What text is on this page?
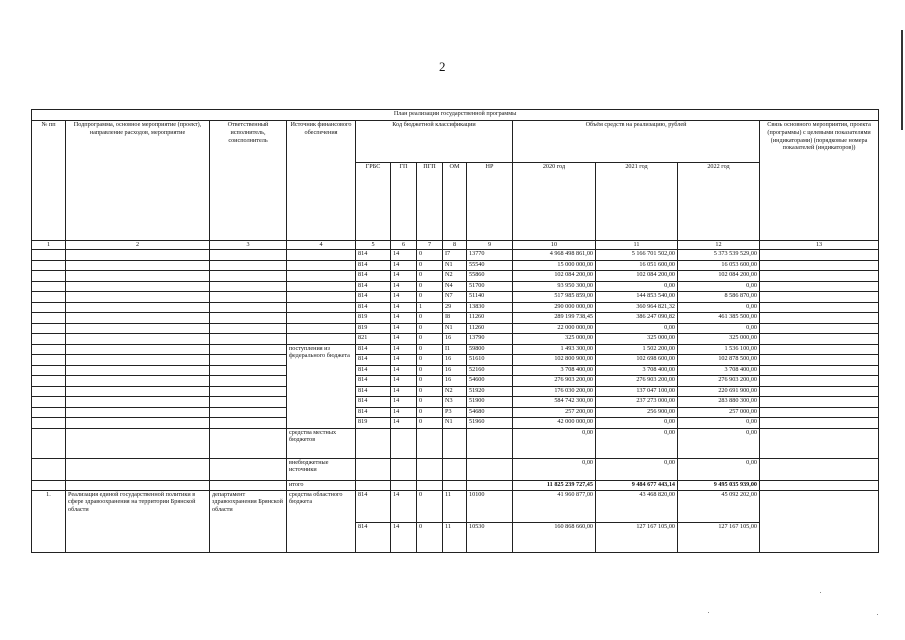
2
План реализации государственной программы												
№ пп	Подпрограмма, основное мероприятие (проект), направление расходов, мероприятие	Ответственный исполнитель, соисполнитель	Источник финансового обеспечения	Код бюджетной классификации					Объём средств на реализацию, рублей			Связь основного мероприятия, проекта (программы) с целевыми показателями (индикаторами) (порядковые номера показателей (индикаторов))
				ГРБС	ГП	ПГП	ОМ	НР	2020 год	2021 год	2022 год	
1	2	3	4	5	6	7	8	9	10	11	12	13
				814	14	0	I7	13770	4 968 498 861,00	5 166 701 502,00	5 373 539 529,00	
				814	14	0	N1	55540	15 000 000,00	16 051 600,00	16 053 600,00	
				814	14	0	N2	55860	102 084 200,00	102 084 200,00	102 084 200,00	
				814	14	0	N4	51700	93 950 300,00	0,00	0,00	
				814	14	0	N7	51140	517 985 859,00	144 853 540,00	8 586 870,00	
				814	14	1	29	13830	290 000 000,00	360 964 821,32	0,00	
				819	14	0	I8	11260	289 199 738,45	386 247 090,82	461 385 500,00	
				819	14	0	N1	11260	22 000 000,00	0,00	0,00	
				821	14	0	16	13790	325 000,00	325 000,00	325 000,00	
			поступления из федерального бюджета	814	14	0	I1	59800	1 493 300,00	1 502 200,00	1 536 100,00	
				814	14	0	16	51610	102 800 900,00	102 698 600,00	102 878 500,00	
				814	14	0	16	52160	3 708 400,00	3 708 400,00	3 708 400,00	
				814	14	0	16	54600	276 903 200,00	276 903 200,00	276 903 200,00	
				814	14	0	N2	51920	176 030 200,00	137 047 100,00	220 691 900,00	
				814	14	0	N3	51900	584 742 300,00	237 273 000,00	283 880 300,00	
				814	14	0	P3	54680	257 200,00	256 900,00	257 000,00	
				819	14	0	N1	51960	42 000 000,00	0,00	0,00	
			средства местных бюджетов						0,00	0,00	0,00	
			внебюджетные источники						0,00	0,00	0,00	
			итого						11 825 239 727,45	9 484 677 443,14	9 495 035 939,00	
1.	Реализация единой государственной политики в сфере здравоохранения на территории Брянской области	департамент здравоохранения Брянской области	средства областного бюджета	814	14	0	11	10100	41 960 877,00	43 468 820,00	45 092 202,00	
				814	14	0	11	10530	160 868 660,00	127 167 105,00	127 167 105,00	
